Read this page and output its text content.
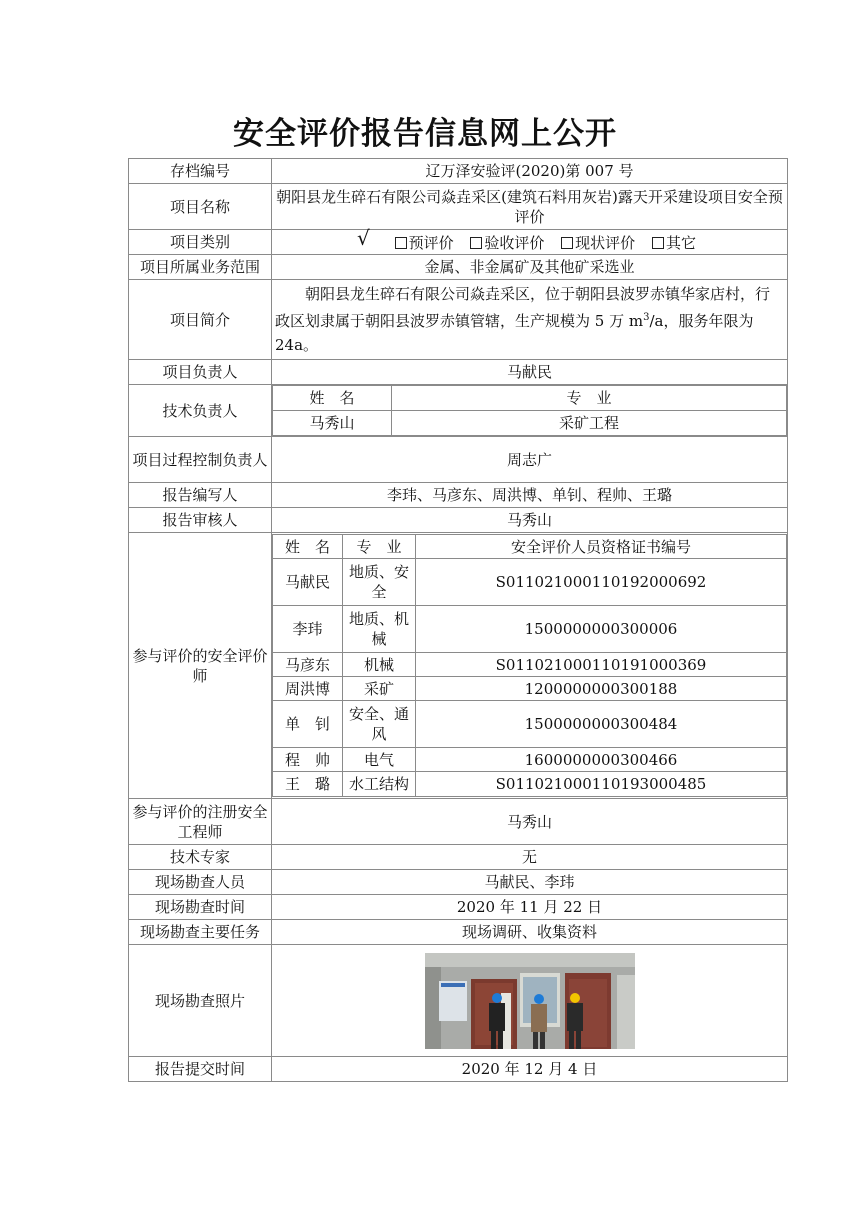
安全评价报告信息网上公开
存档编号	辽万泽安验评(2020)第 007 号
项目名称	朝阳县龙生碎石有限公司焱垚采区(建筑石料用灰岩)露天开采建设项目安全预评价
项目类别	√	预评价 验收评价 现状评价 其它
项目所属业务范围	金属、非金属矿及其他矿采选业
项目简介	朝阳县龙生碎石有限公司焱垚采区，位于朝阳县波罗赤镇华家店村，行政区划隶属于朝阳县波罗赤镇管辖，生产规模为 5 万 $m^3/a$，服务年限为 24a。
项目负责人	马献民
技术负责人	
姓　名	专　业
马秀山	采矿工程

项目过程控制负责人	周志广
报告编写人	李玮、马彦东、周洪博、单钊、程帅、王璐
报告审核人	马秀山
参与评价的安全评价师	
姓　名	专　业	安全评价人员资格证书编号
马献民	地质、安全	S011021000110192000692
李玮	地质、机械	1500000000300006
马彦东	机械	S011021000110191000369
周洪博	采矿	1200000000300188
单　钊	安全、通风	1500000000300484
程　帅	电气	1600000000300466
王　璐	水工结构	S011021000110193000485

参与评价的注册安全工程师	马秀山
技术专家	无
现场勘查人员	马献民、李玮
现场勘查时间	2020 年 11 月 22 日
现场勘查主要任务	现场调研、收集资料
现场勘查照片	

报告提交时间	2020 年 12 月 4 日
